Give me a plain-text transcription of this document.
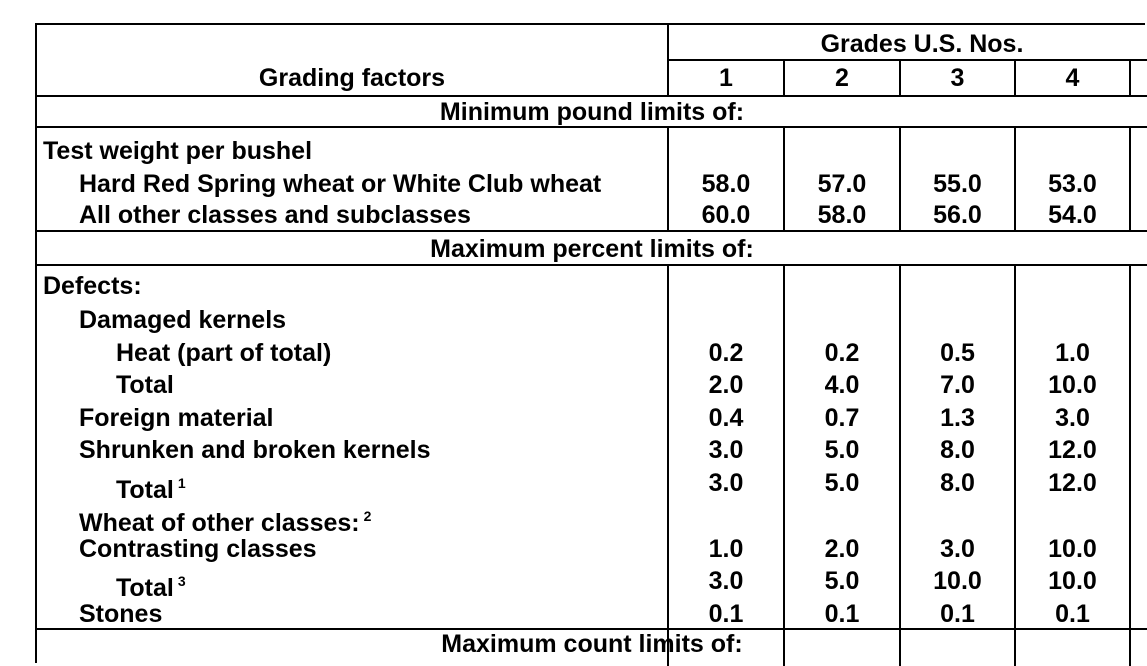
Grading factors
Grades U.S. Nos.
1	2	3	4
Minimum pound limits of:
Test weight per bushel
Hard Red Spring wheat or White Club wheat	58.0	57.0	55.0	53.0
All other classes and subclasses	60.0	58.0	56.0	54.0
Maximum percent limits of:
Defects:
Damaged kernels
Heat (part of total)	0.2	0.2	0.5	1.0
Total	2.0	4.0	7.0	10.0
Foreign material	0.4	0.7	1.3	3.0
Shrunken and broken kernels	3.0	5.0	8.0	12.0
Total $^1$	3.0	5.0	8.0	12.0
Wheat of other classes: $^2$
Contrasting classes	1.0	2.0	3.0	10.0
Total $^3$	3.0	5.0	10.0	10.0
Stones	0.1	0.1	0.1	0.1
Maximum count limits of:
